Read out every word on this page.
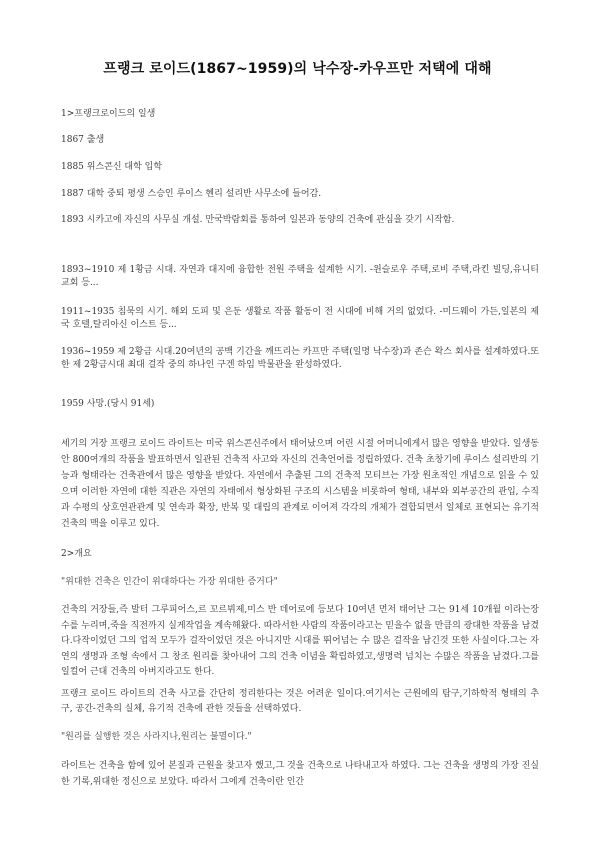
프랭크 로이드(1867~1959)의 낙수장-카우프만 저택에 대해
1>프랭크로이드의 일생
1867 출생
1885 위스콘신 대학 입학
1887 대학 중퇴 평생 스승인 루이스 헨리 설리반 사무소에 들어감.
1893 시카고에 자신의 사무실 개설. 만국박람회를 통하여 일본과 동양의 건축에 관심을 갖기 시작함.
1893~1910 제 1황금 시대. 자연과 대지에 융합한 전원 주택을 설계한 시기. -윈슬로우 주택,로비 주택,라킨 빌딩,유니티 교회 등...
1911~1935 침묵의 시기. 해외 도피 및 은둔 생활로 작품 활동이 전 시대에 비해 거의 없었다. -미드웨이 가든,일본의 제국 호텔,탈리아신 이스트 등...
1936~1959 제 2황금 시대.20여년의 공백 기간을 깨뜨리는 카프만 주택(일명 낙수장)과 존슨 왁스 회사를 설계하였다.또한 제 2황금시대 최대 걸작 중의 하나인 구겐 하임 박물관을 완성하였다.
1959 사망.(당시 91세)
세기의 거장 프랭크 로이드 라이트는 미국 위스콘신주에서 태어났으며 어린 시절 어머니에게서 많은 영향을 받았다. 일생동안 800여개의 작품을 발표하면서 일관된 건축적 사고와 자신의 건축언어를 정립하였다. 건축 초창기에 루이스 설리반의 기능과 형태라는 건축관에서 많은 영향을 받았다. 자연에서 추출된 그의 건축적 모티브는 가장 원초적인 개념으로 읽을 수 있으며 이러한 자연에 대한 직관은 자연의 자태에서 형상화된 구조의 시스템을 비롯하여 형태, 내부와 외부공간의 관입, 수직과 수평의 상호연관관계 및 연속과 확장, 반복 및 대립의 관계로 이어져 각각의 개체가 결합되면서 일체로 표현되는 유기적 건축의 맥을 이루고 있다.
2>개요
"위대한 건축은 인간이 위대하다는 가장 위대한 증거다"
건축의 거장들,즉 발터 그루피어스,르 꼬르뷔제,미스 반 데어로에 등보다 10여년 먼저 태어난 그는 91세 10개월 이라는장수를 누리며,죽을 직전까지 실게작업을 계속해왔다. 따라서한 사람의 작품이라고는 믿을수 없을 만큼의 광대한 작품을 남겼다.다작이었던 그의 업적 모두가 걸작이었던 것은 아니지만 시대를 뛰어넘는 수 많은 걸작을 남긴것 또한 사실이다.그는 자연의 생명과 조형 속에서 그 창조 원리를 찾아내어 그의 건축 이념을 확립하였고,생명력 넘치는 수많은 작품을 남겼다.그를 일컬어 근대 건축의 아버지라고도 한다.
프랭크 로이드 라이트의 건축 사고를 간단히 정리한다는 것은 어려운 일이다.여기서는 근원에의 탐구,기하학적 형태의 추구, 공간-건축의 실체, 유기적 건축에 관한 것들을 선택하였다.
"원리를 실행한 것은 사라지나,원리는 불멸이다."
라이트는 건축을 함에 있어 본질과 근원을 찾고자 했고,그 것을 건축으로 나타내고자 하였다. 그는 건축을 생명의 가장 진실한 기록,위대한 정신으로 보았다. 따라서 그에게 건축이란 인간
